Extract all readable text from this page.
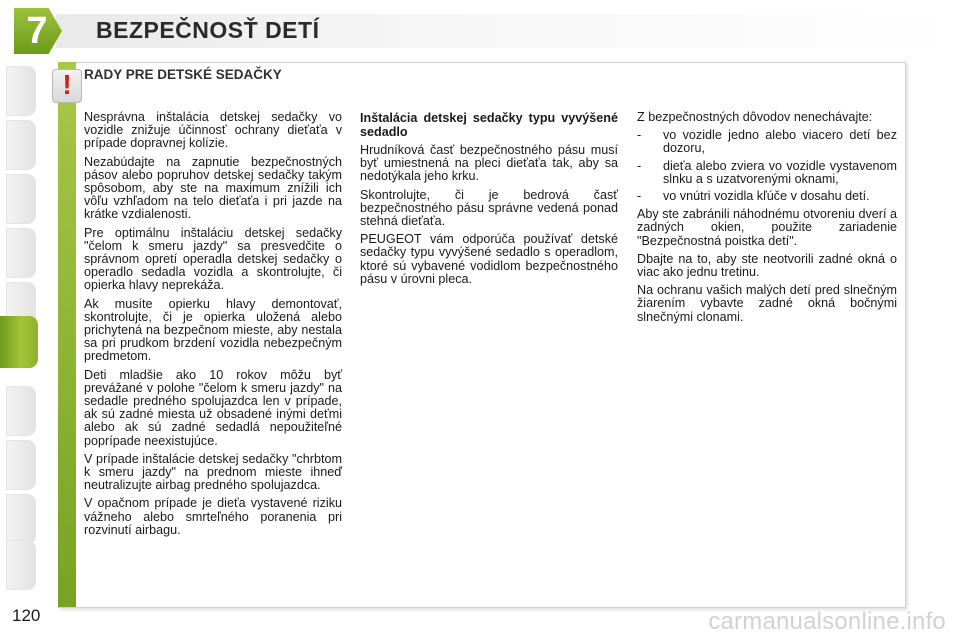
7	BEZPEČNOSŤ DETÍ
! RADY PRE DETSKÉ SEDAČKY

Nesprávna inštalácia detskej sedačky vo vozidle znižuje účinnosť ochrany dieťaťa v prípade dopravnej kolízie.

Nezabúdajte na zapnutie bezpečnostných pásov alebo popruhov detskej sedačky takým spôsobom, aby ste na maximum znížili ich vôľu vzhľadom na telo dieťaťa i pri jazde na krátke vzdialenosti.

Pre optimálnu inštaláciu detskej sedačky "čelom k smeru jazdy" sa presvedčite o správnom opretí operadla detskej sedačky o operadlo sedadla vozidla a skontrolujte, či opierka hlavy neprekáža.

Ak musíte opierku hlavy demontovať, skontrolujte, či je opierka uložená alebo prichytená na bezpečnom mieste, aby nestala sa pri prudkom brzdení vozidla nebezpečným predmetom.

Deti mladšie ako 10 rokov môžu byť prevážané v polohe "čelom k smeru jazdy" na sedadle predného spolujazdca len v prípade, ak sú zadné miesta už obsadené inými deťmi alebo ak sú zadné sedadlá nepoužiteľné poprípade neexistujúce.

V prípade inštalácie detskej sedačky "chrbtom k smeru jazdy" na prednom mieste ihneď neutralizujte airbag predného spolujazdca.

V opačnom prípade je dieťa vystavené riziku vážneho alebo smrteľného poranenia pri rozvinutí airbagu.

Inštalácia detskej sedačky typu vyvýšené sedadlo

Hrudníková časť bezpečnostného pásu musí byť umiestnená na pleci dieťaťa tak, aby sa nedotýkala jeho krku.

Skontrolujte, či je bedrová časť bezpečnostného pásu správne vedená ponad stehná dieťaťa.

PEUGEOT vám odporúča používať detské sedačky typu vyvýšené sedadlo s operadlom, ktoré sú vybavené vodidlom bezpečnostného pásu v úrovni pleca.

Z bezpečnostných dôvodov nenechávajte:

- vo vozidle jedno alebo viacero detí bez dozoru,
- dieťa alebo zviera vo vozidle vystavenom slnku a s uzatvorenými oknami,
- vo vnútri vozidla kľúče v dosahu detí.

Aby ste zabránili náhodnému otvoreniu dverí a zadných okien, použite zariadenie "Bezpečnostná poistka detí".

Dbajte na to, aby ste neotvorili zadné okná o viac ako jednu tretinu.

Na ochranu vašich malých detí pred slnečným žiarením vybavte zadné okná bočnými slnečnými clonami.

120	carmanualsonline.info
